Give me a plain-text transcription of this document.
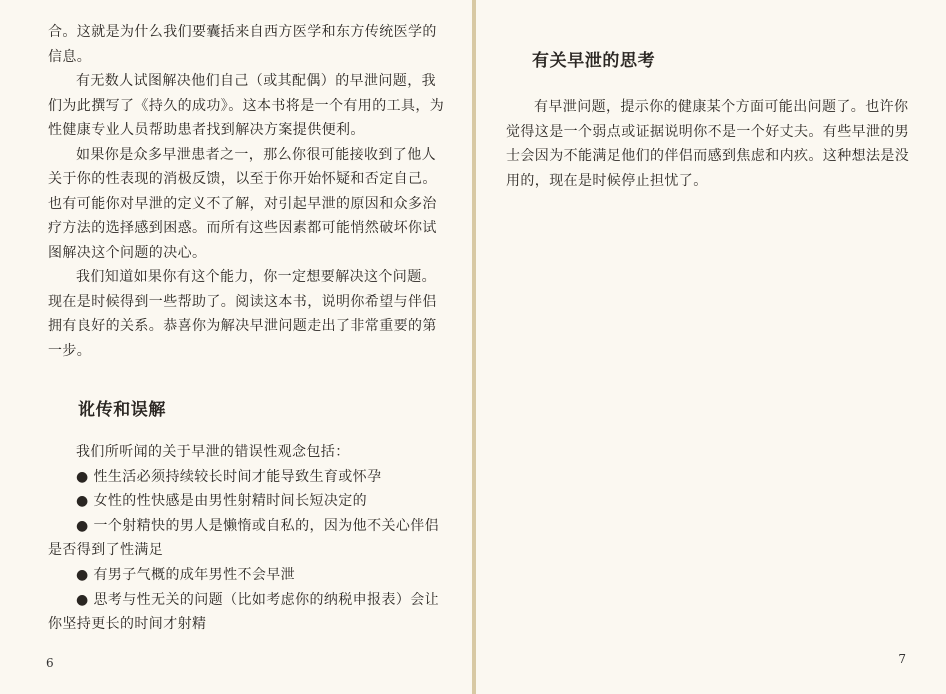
合。这就是为什么我们要囊括来自西方医学和东方传统医学的信息。

有无数人试图解决他们自己（或其配偶）的早泄问题，我们为此撰写了《持久的成功》。这本书将是一个有用的工具，为性健康专业人员帮助患者找到解决方案提供便利。

如果你是众多早泄患者之一，那么你很可能接收到了他人关于你的性表现的消极反馈，以至于你开始怀疑和否定自己。也有可能你对早泄的定义不了解，对引起早泄的原因和众多治疗方法的选择感到困惑。而所有这些因素都可能悄然破坏你试图解决这个问题的决心。

我们知道如果你有这个能力，你一定想要解决这个问题。现在是时候得到一些帮助了。阅读这本书，说明你希望与伴侣拥有良好的关系。恭喜你为解决早泄问题走出了非常重要的第一步。

讹传和误解

我们所听闻的关于早泄的错误性观念包括：

● 性生活必须持续较长时间才能导致生育或怀孕

● 女性的性快感是由男性射精时间长短决定的

● 一个射精快的男人是懒惰或自私的，因为他不关心伴侣是否得到了性满足

● 有男子气概的成年男性不会早泄

● 思考与性无关的问题（比如考虑你的纳税申报表）会让你坚持更长的时间才射精

6
有关早泄的思考

有早泄问题，提示你的健康某个方面可能出问题了。也许你觉得这是一个弱点或证据说明你不是一个好丈夫。有些早泄的男士会因为不能满足他们的伴侣而感到焦虑和内疚。这种想法是没用的，现在是时候停止担忧了。

7
